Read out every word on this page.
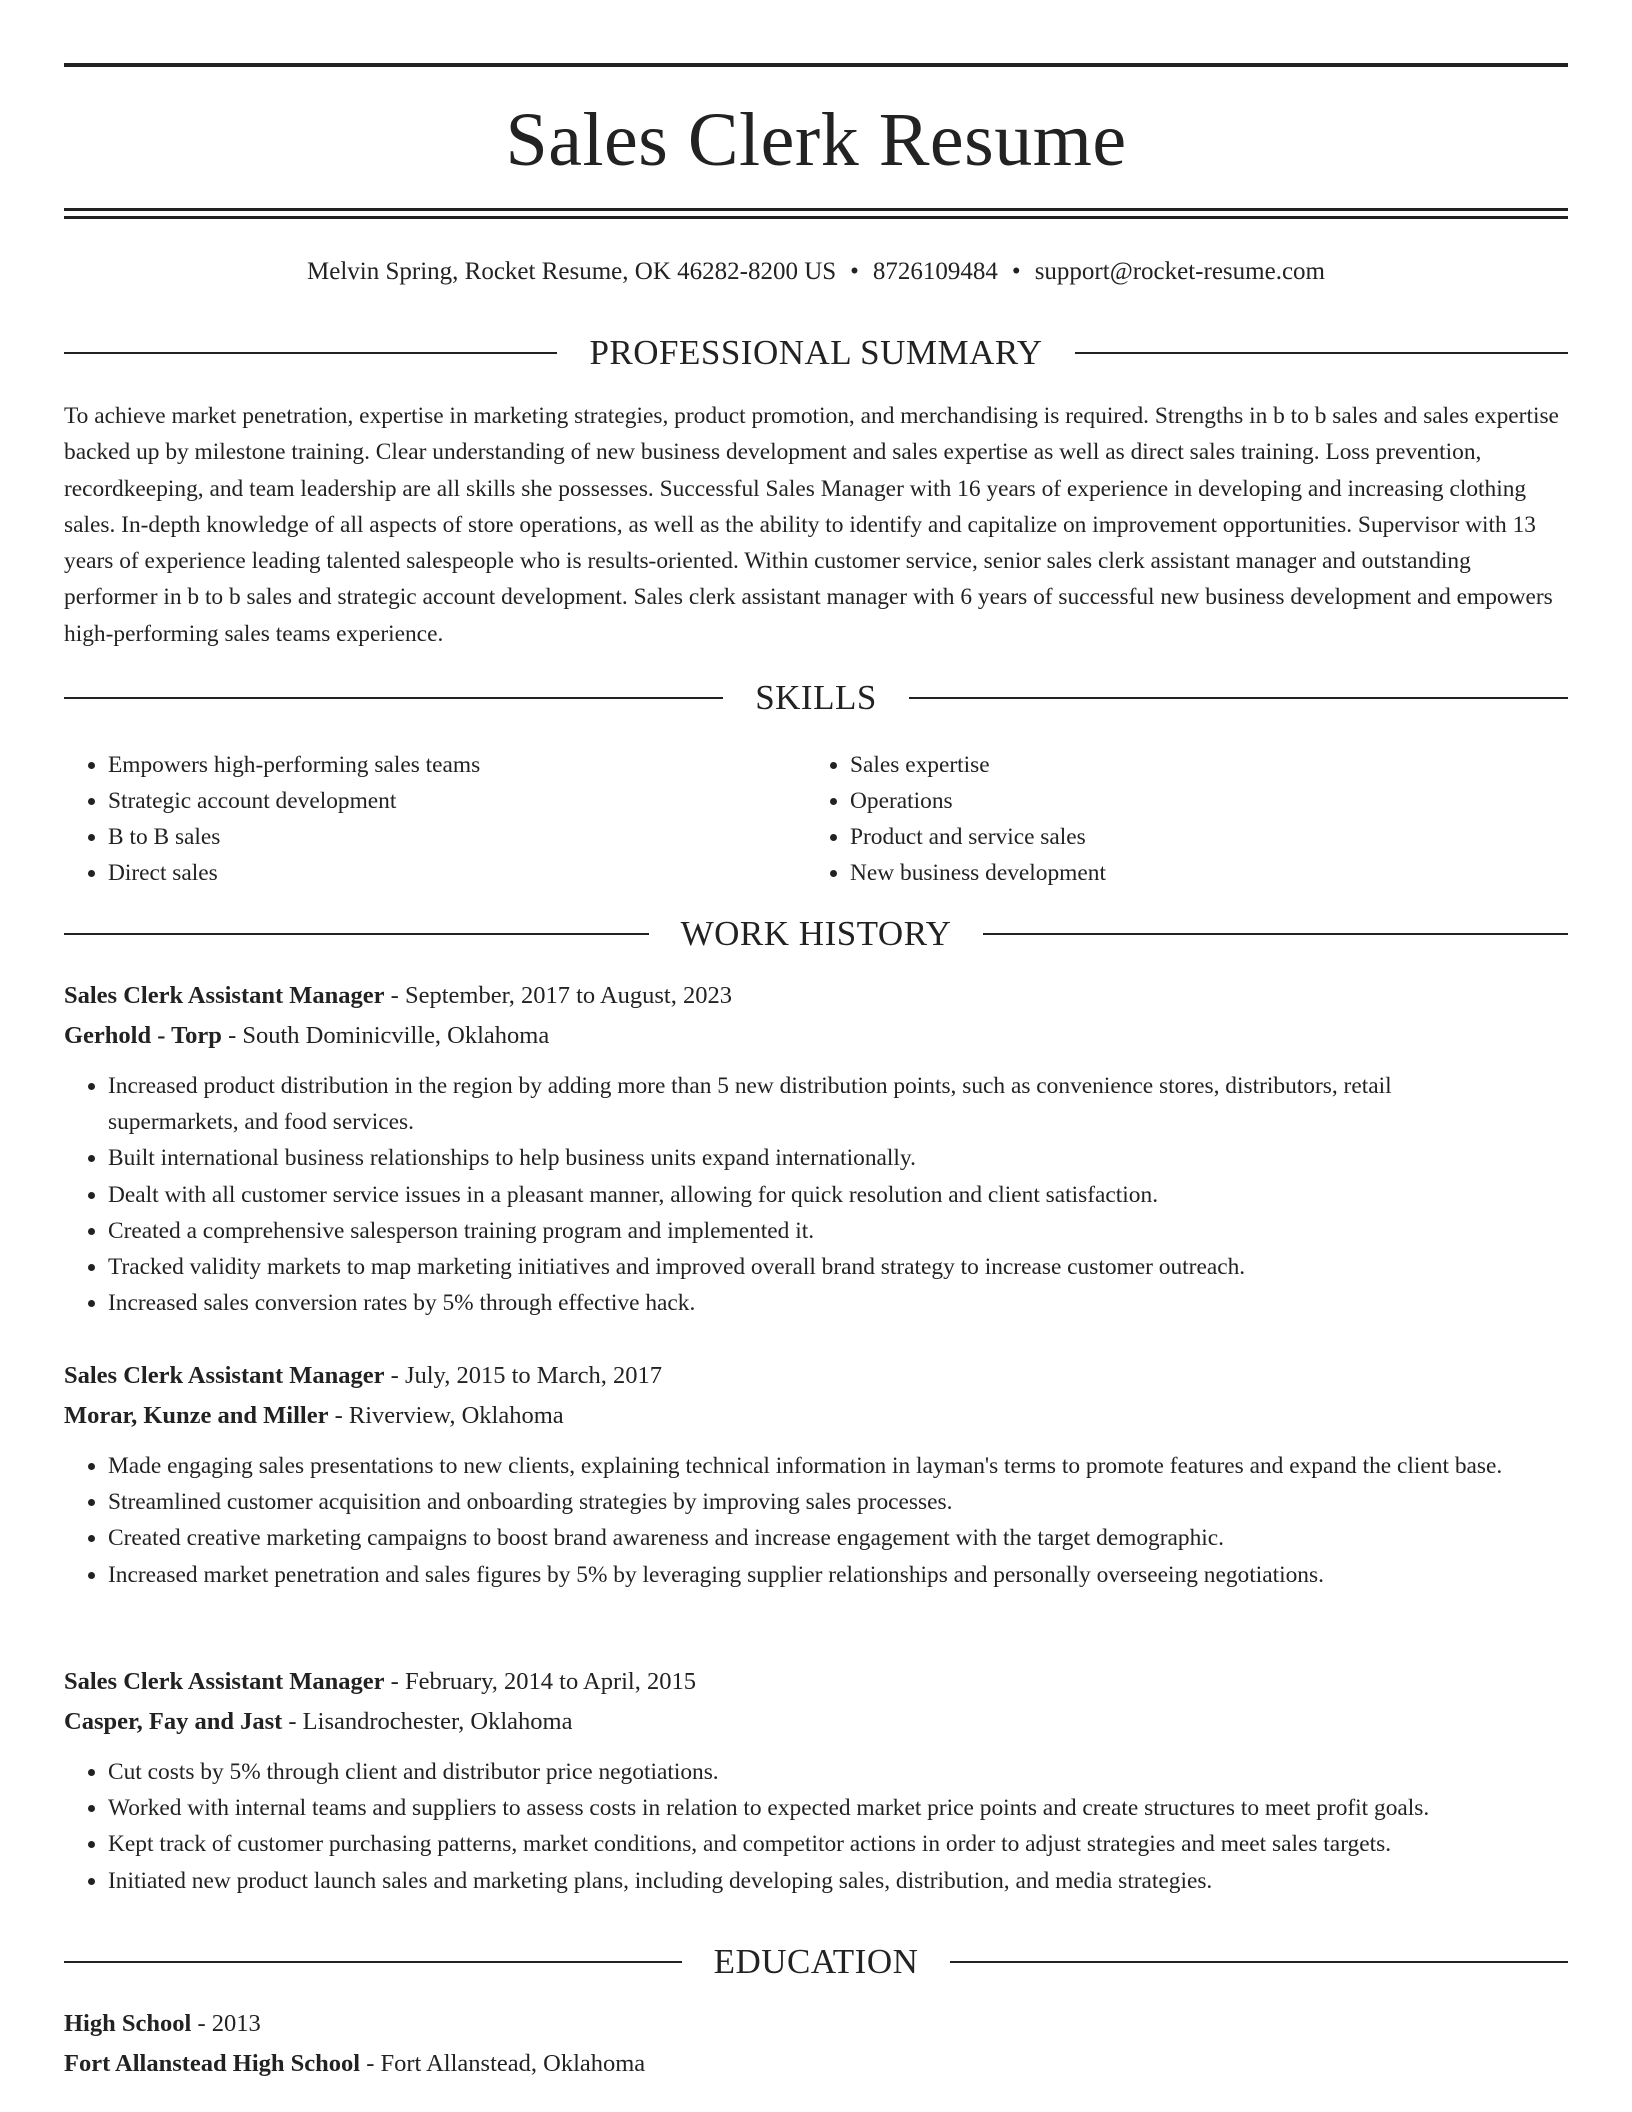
Sales Clerk Resume
Melvin Spring, Rocket Resume, OK 46282-8200 US • 8726109484 • support@rocket-resume.com
PROFESSIONAL SUMMARY

To achieve market penetration, expertise in marketing strategies, product promotion, and merchandising is required. Strengths in b to b sales and sales expertise backed up by milestone training. Clear understanding of new business development and sales expertise as well as direct sales training. Loss prevention, recordkeeping, and team leadership are all skills she possesses. Successful Sales Manager with 16 years of experience in developing and increasing clothing sales. In-depth knowledge of all aspects of store operations, as well as the ability to identify and capitalize on improvement opportunities. Supervisor with 13 years of experience leading talented salespeople who is results-oriented. Within customer service, senior sales clerk assistant manager and outstanding performer in b to b sales and strategic account development. Sales clerk assistant manager with 6 years of successful new business development and empowers high-performing sales teams experience.

SKILLS
• Empowers high-performing sales teams
• Strategic account development
• B to B sales
• Direct sales
• Sales expertise
• Operations
• Product and service sales
• New business development
WORK HISTORY
Sales Clerk Assistant Manager - September, 2017 to August, 2023
Gerhold - Torp - South Dominicville, Oklahoma
• Increased product distribution in the region by adding more than 5 new distribution points, such as convenience stores, distributors, retail supermarkets, and food services.
• Built international business relationships to help business units expand internationally.
• Dealt with all customer service issues in a pleasant manner, allowing for quick resolution and client satisfaction.
• Created a comprehensive salesperson training program and implemented it.
• Tracked validity markets to map marketing initiatives and improved overall brand strategy to increase customer outreach.
• Increased sales conversion rates by 5% through effective hack.
Sales Clerk Assistant Manager - July, 2015 to March, 2017
Morar, Kunze and Miller - Riverview, Oklahoma
• Made engaging sales presentations to new clients, explaining technical information in layman's terms to promote features and expand the client base.
• Streamlined customer acquisition and onboarding strategies by improving sales processes.
• Created creative marketing campaigns to boost brand awareness and increase engagement with the target demographic.
• Increased market penetration and sales figures by 5% by leveraging supplier relationships and personally overseeing negotiations.
Sales Clerk Assistant Manager - February, 2014 to April, 2015
Casper, Fay and Jast - Lisandrochester, Oklahoma
• Cut costs by 5% through client and distributor price negotiations.
• Worked with internal teams and suppliers to assess costs in relation to expected market price points and create structures to meet profit goals.
• Kept track of customer purchasing patterns, market conditions, and competitor actions in order to adjust strategies and meet sales targets.
• Initiated new product launch sales and marketing plans, including developing sales, distribution, and media strategies.
EDUCATION
High School - 2013
Fort Allanstead High School - Fort Allanstead, Oklahoma
